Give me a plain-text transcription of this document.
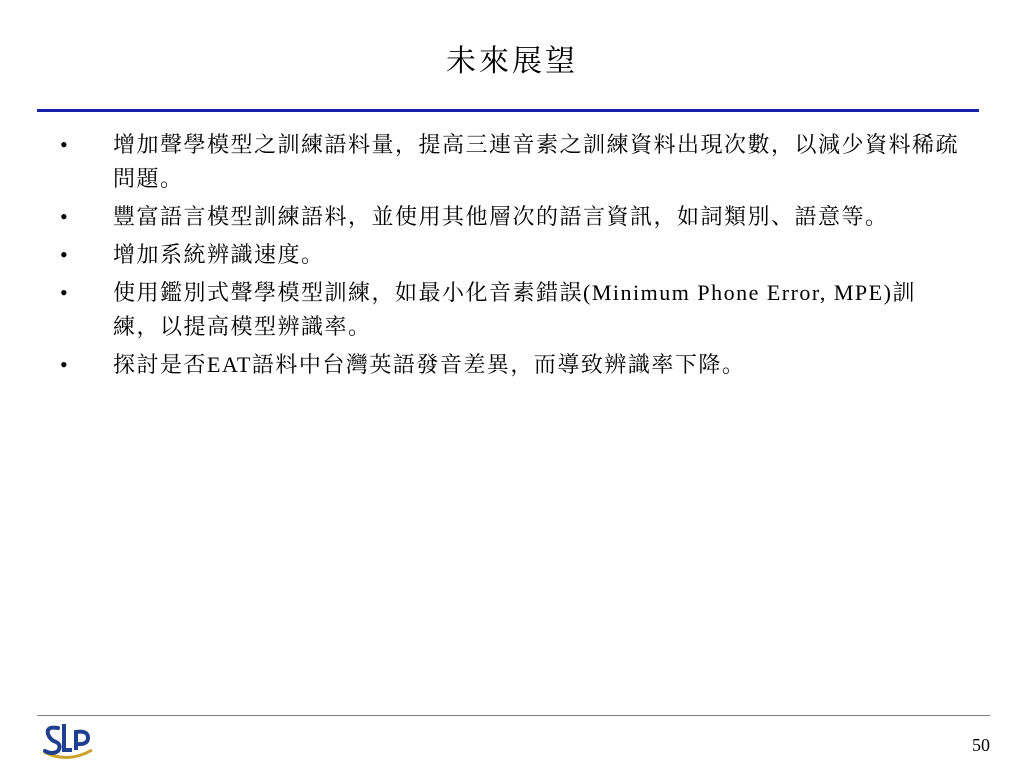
未來展望
• 增加聲學模型之訓練語料量，提高三連音素之訓練資料出現次數，以減少資料稀疏問題。
• 豐富語言模型訓練語料，並使用其他層次的語言資訊，如詞類別、語意等。
• 增加系統辨識速度。
• 使用鑑別式聲學模型訓練，如最小化音素錯誤(Minimum Phone Error, MPE)訓練，以提高模型辨識率。
• 探討是否EAT語料中台灣英語發音差異，而導致辨識率下降。
50
